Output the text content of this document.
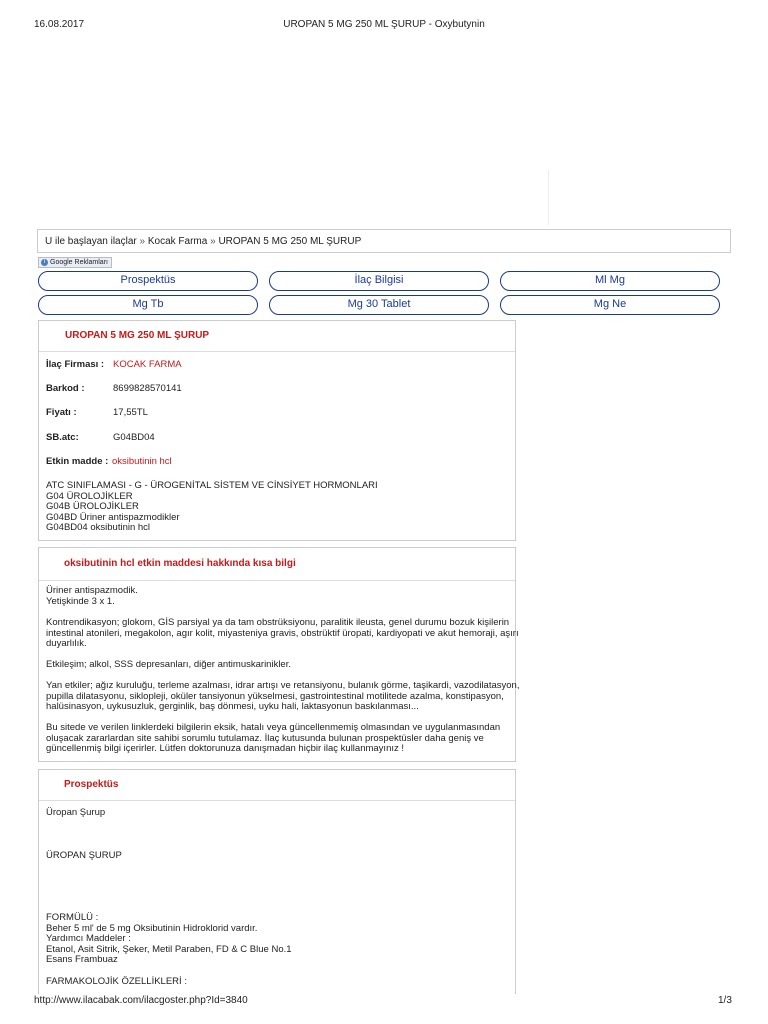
16.08.2017	UROPAN 5 MG 250 ML ŞURUP - Oxybutynin
http://www.ilacabak.com/ilacgoster.php?Id=3840	1/3
U ile başlayan ilaçlar » Kocak Farma » UROPAN 5 MG 250 ML ŞURUP
i Google Reklamları
Prospektüs	İlaç Bilgisi	Ml Mg
Mg Tb	Mg 30 Tablet	Mg Ne
UROPAN 5 MG 250 ML ŞURUP
İlaç Firması : KOCAK FARMA
Barkod :	8699828570141
Fiyatı :	17,55TL
SB.atc:	G04BD04
Etkin madde : oksibutinin hcl
ATC SINIFLAMASI - G - ÜROGENİTAL SİSTEM VE CİNSİYET HORMONLARI
G04 ÜROLOJİKLER
G04B ÜROLOJİKLER
G04BD Üriner antispazmodikler
G04BD04 oksibutinin hcl
oksibutinin hcl etkin maddesi hakkında kısa bilgi
Üriner antispazmodik.
Yetişkinde 3 x 1.
Kontrendikasyon; glokom, GİS parsiyal ya da tam obstrüksiyonu, paralitik ileusta, genel durumu bozuk kişilerin
intestinal atonileri, megakolon, agır kolit, miyasteniya gravis, obstrüktif üropati, kardiyopati ve akut hemoraji, aşırı
duyarlılık.
Etkileşim; alkol, SSS depresanları, diğer antimuskarinikler.
Yan etkiler; ağız kuruluğu, terleme azalması, idrar artışı ve retansiyonu, bulanık görme, taşikardi, vazodilatasyon,
pupilla dilatasyonu, siklopleji, oküler tansiyonun yükselmesi, gastrointestinal motilitede azalma, konstipasyon,
halüsinasyon, uykusuzluk, gerginlik, baş dönmesi, uyku hali, laktasyonun baskılanması...
Bu sitede ve verilen linklerdeki bilgilerin eksik, hatalı veya güncellenmemiş olmasından ve uygulanmasından
oluşacak zararlardan site sahibi sorumlu tutulamaz. İlaç kutusunda bulunan prospektüsler daha geniş ve
güncellenmiş bilgi içerirler. Lütfen doktorunuza danışmadan hiçbir ilaç kullanmayınız !
Prospektüs
Üropan Şurup
ÜROPAN ŞURUP
FORMÜLÜ :
Beher 5 ml' de 5 mg Oksibutinin Hidroklorid vardır.
Yardımcı Maddeler :
Etanol, Asit Sitrik, Şeker, Metil Paraben, FD & C Blue No.1
Esans Frambuaz
FARMAKOLOJİK ÖZELLİKLERİ :
